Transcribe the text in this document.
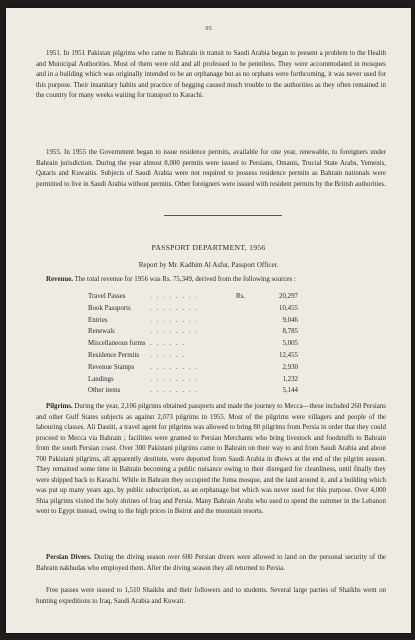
95

1951. In 1951 Pakistan pilgrims who came to Bahrain in transit to Saudi Arabia began to present a problem to the Health and Municipal Authorities. Most of them were old and all professed to be penniless. They were accommodated in mosques and in a building which was originally intended to be an orphanage but as no orphans were forthcoming, it was never used for this purpose. Their insanitary habits and practice of begging caused much trouble to the authorities as they often remained in the country for many weeks waiting for transport to Karachi.

1955. In 1955 the Government began to issue residence permits, available for one year, renewable, to foreigners under Bahrain jurisdiction. During the year almost 8,000 permits were issued to Persians, Omanis, Trucial State Arabs, Yemenis, Qataris and Kuwaitis. Subjects of Saudi Arabia were not required to possess residence permits as Bahrain nationals were permitted to live in Saudi Arabia without permits. Other foreigners were issued with resident permits by the British authorities.

PASSPORT DEPARTMENT, 1956
Report by Mr. Kadhim Al Asfur, Passport Officer.

Revenue. The total revenue for 1956 was Rs. 75,349, derived from the following sources :

Travel Passes	. . . . . . . .	Rs.	20,297
Book Passports	. . . . . . . .		10,455
Entries	. . . . . . . .		9,046
Renewals	. . . . . . . .		8,785
Miscellaneous forms	. . . . . .		5,005
Residence Permits	. . . . . .		12,455
Revenue Stamps	. . . . . . . .		2,930
Landings	. . . . . . . .		1,232
Other items	. . . . . . . .		5,144

Pilgrims. During the year, 2,106 pilgrims obtained passports and made the journey to Mecca—these included 260 Persians and other Gulf States subjects as against 2,073 pilgrims in 1955. Most of the pilgrims were villagers and people of the labouring classes. Ali Dastiti, a travel agent for pilgrims was allowed to bring 80 pilgrims from Persia in order that they could proceed to Mecca via Bahrain ; facilities were granted to Persian Merchants who bring livestock and foodstuffs to Bahrain from the south Persian coast. Over 300 Pakistani pilgrims came to Bahrain on their way to and from Saudi Arabia and about 700 Pakistani pilgrims, all apparently destitute, were deported from Saudi Arabia in dhows at the end of the pilgrim season. They remained some time in Bahrain becoming a public nuisance owing to their disregard for cleanliness, until finally they were shipped back to Karachi. While in Bahrain they occupied the Juma mosque, and the land around it, and a building which was put up many years ago, by public subscription, as an orphanage but which was never used for this purpose. Over 4,000 Shia pilgrims visited the holy shrines of Iraq and Persia. Many Bahrain Arabs who used to spend the summer in the Lebanon went to Egypt instead, owing to the high prices in Beirut and the mountain resorts.

Persian Divers. During the diving season over 600 Persian divers were allowed to land on the personal security of the Bahrain nakhudas who employed them. After the diving season they all returned to Persia.

Free passes were issued to 1,510 Shaikhs and their followers and to students. Several large parties of Shaikhs went on hunting expeditions to Iraq, Saudi Arabia and Kuwait.
